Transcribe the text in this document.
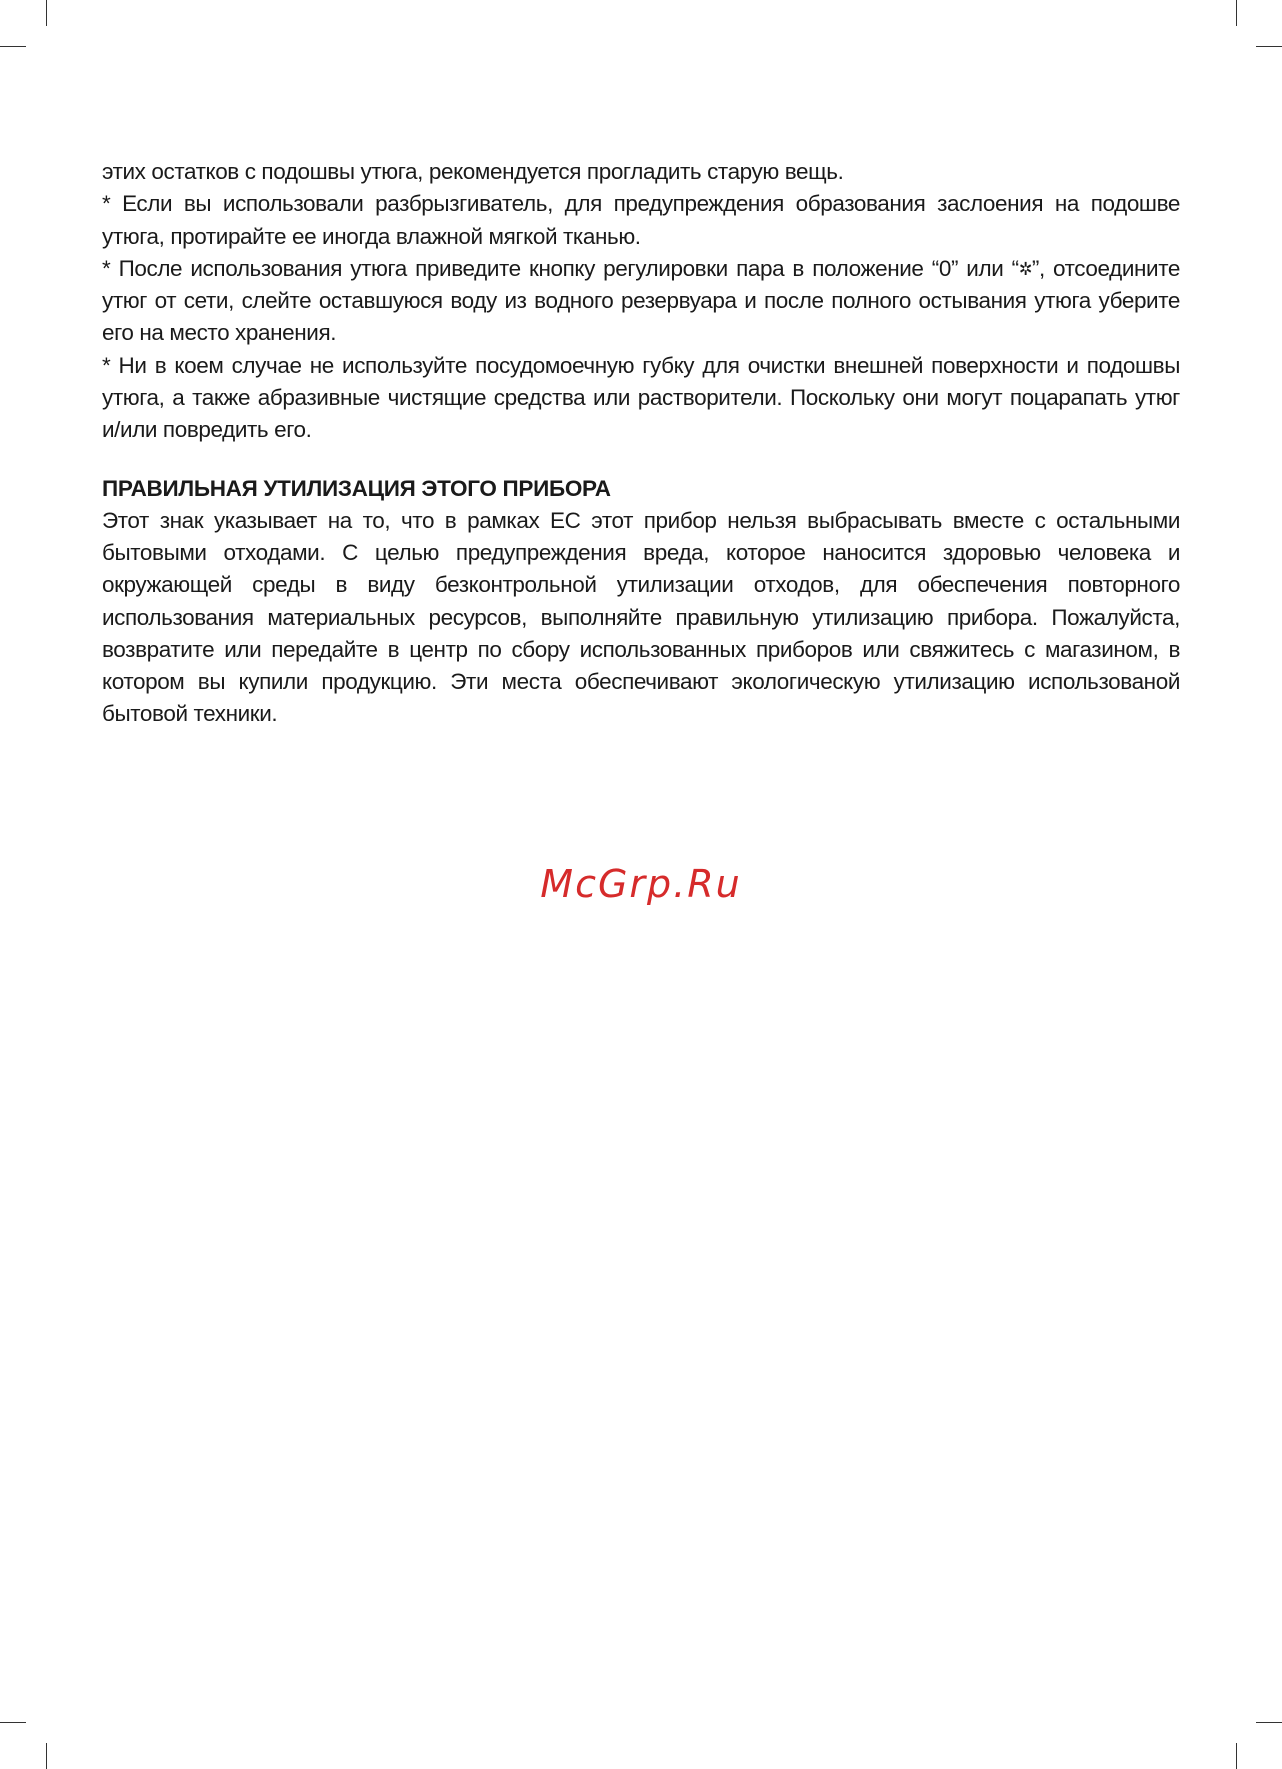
этих остатков с подошвы утюга, рекомендуется прогладить старую вещь.

* Если вы использовали разбрызгиватель, для предупреждения образования заслоения на подошве утюга, протирайте ее иногда влажной мягкой тканью.

* После использования утюга приведите кнопку регулировки пара в положение “0” или “✲”, отсоедините утюг от сети, слейте оставшуюся воду из водного резервуара и после полного остывания утюга уберите его на место хранения.

* Ни в коем случае не используйте посудомоечную губку для очистки внешней поверхности и подошвы утюга, а также абразивные чистящие средства или растворители. Поскольку они могут поцарапать утюг и/или повредить его.

ПРАВИЛЬНАЯ УТИЛИЗАЦИЯ ЭТОГО ПРИБОРА

Этот знак указывает на то, что в рамках ЕС этот прибор нельзя выбрасывать вместе с остальными бытовыми отходами. С целью предупреждения вреда, которое наносится здоровью человека и окружающей среды в виду безконтрольной утилизации отходов, для обеспечения повторного использования материальных ресурсов, выполняйте правильную утилизацию прибора. Пожалуйста, возвратите или передайте в центр по сбору использованных приборов или свяжитесь с магазином, в котором вы купили продукцию. Эти места обеспечивают экологическую утилизацию использованой бытовой техники.

McGrp.Ru
